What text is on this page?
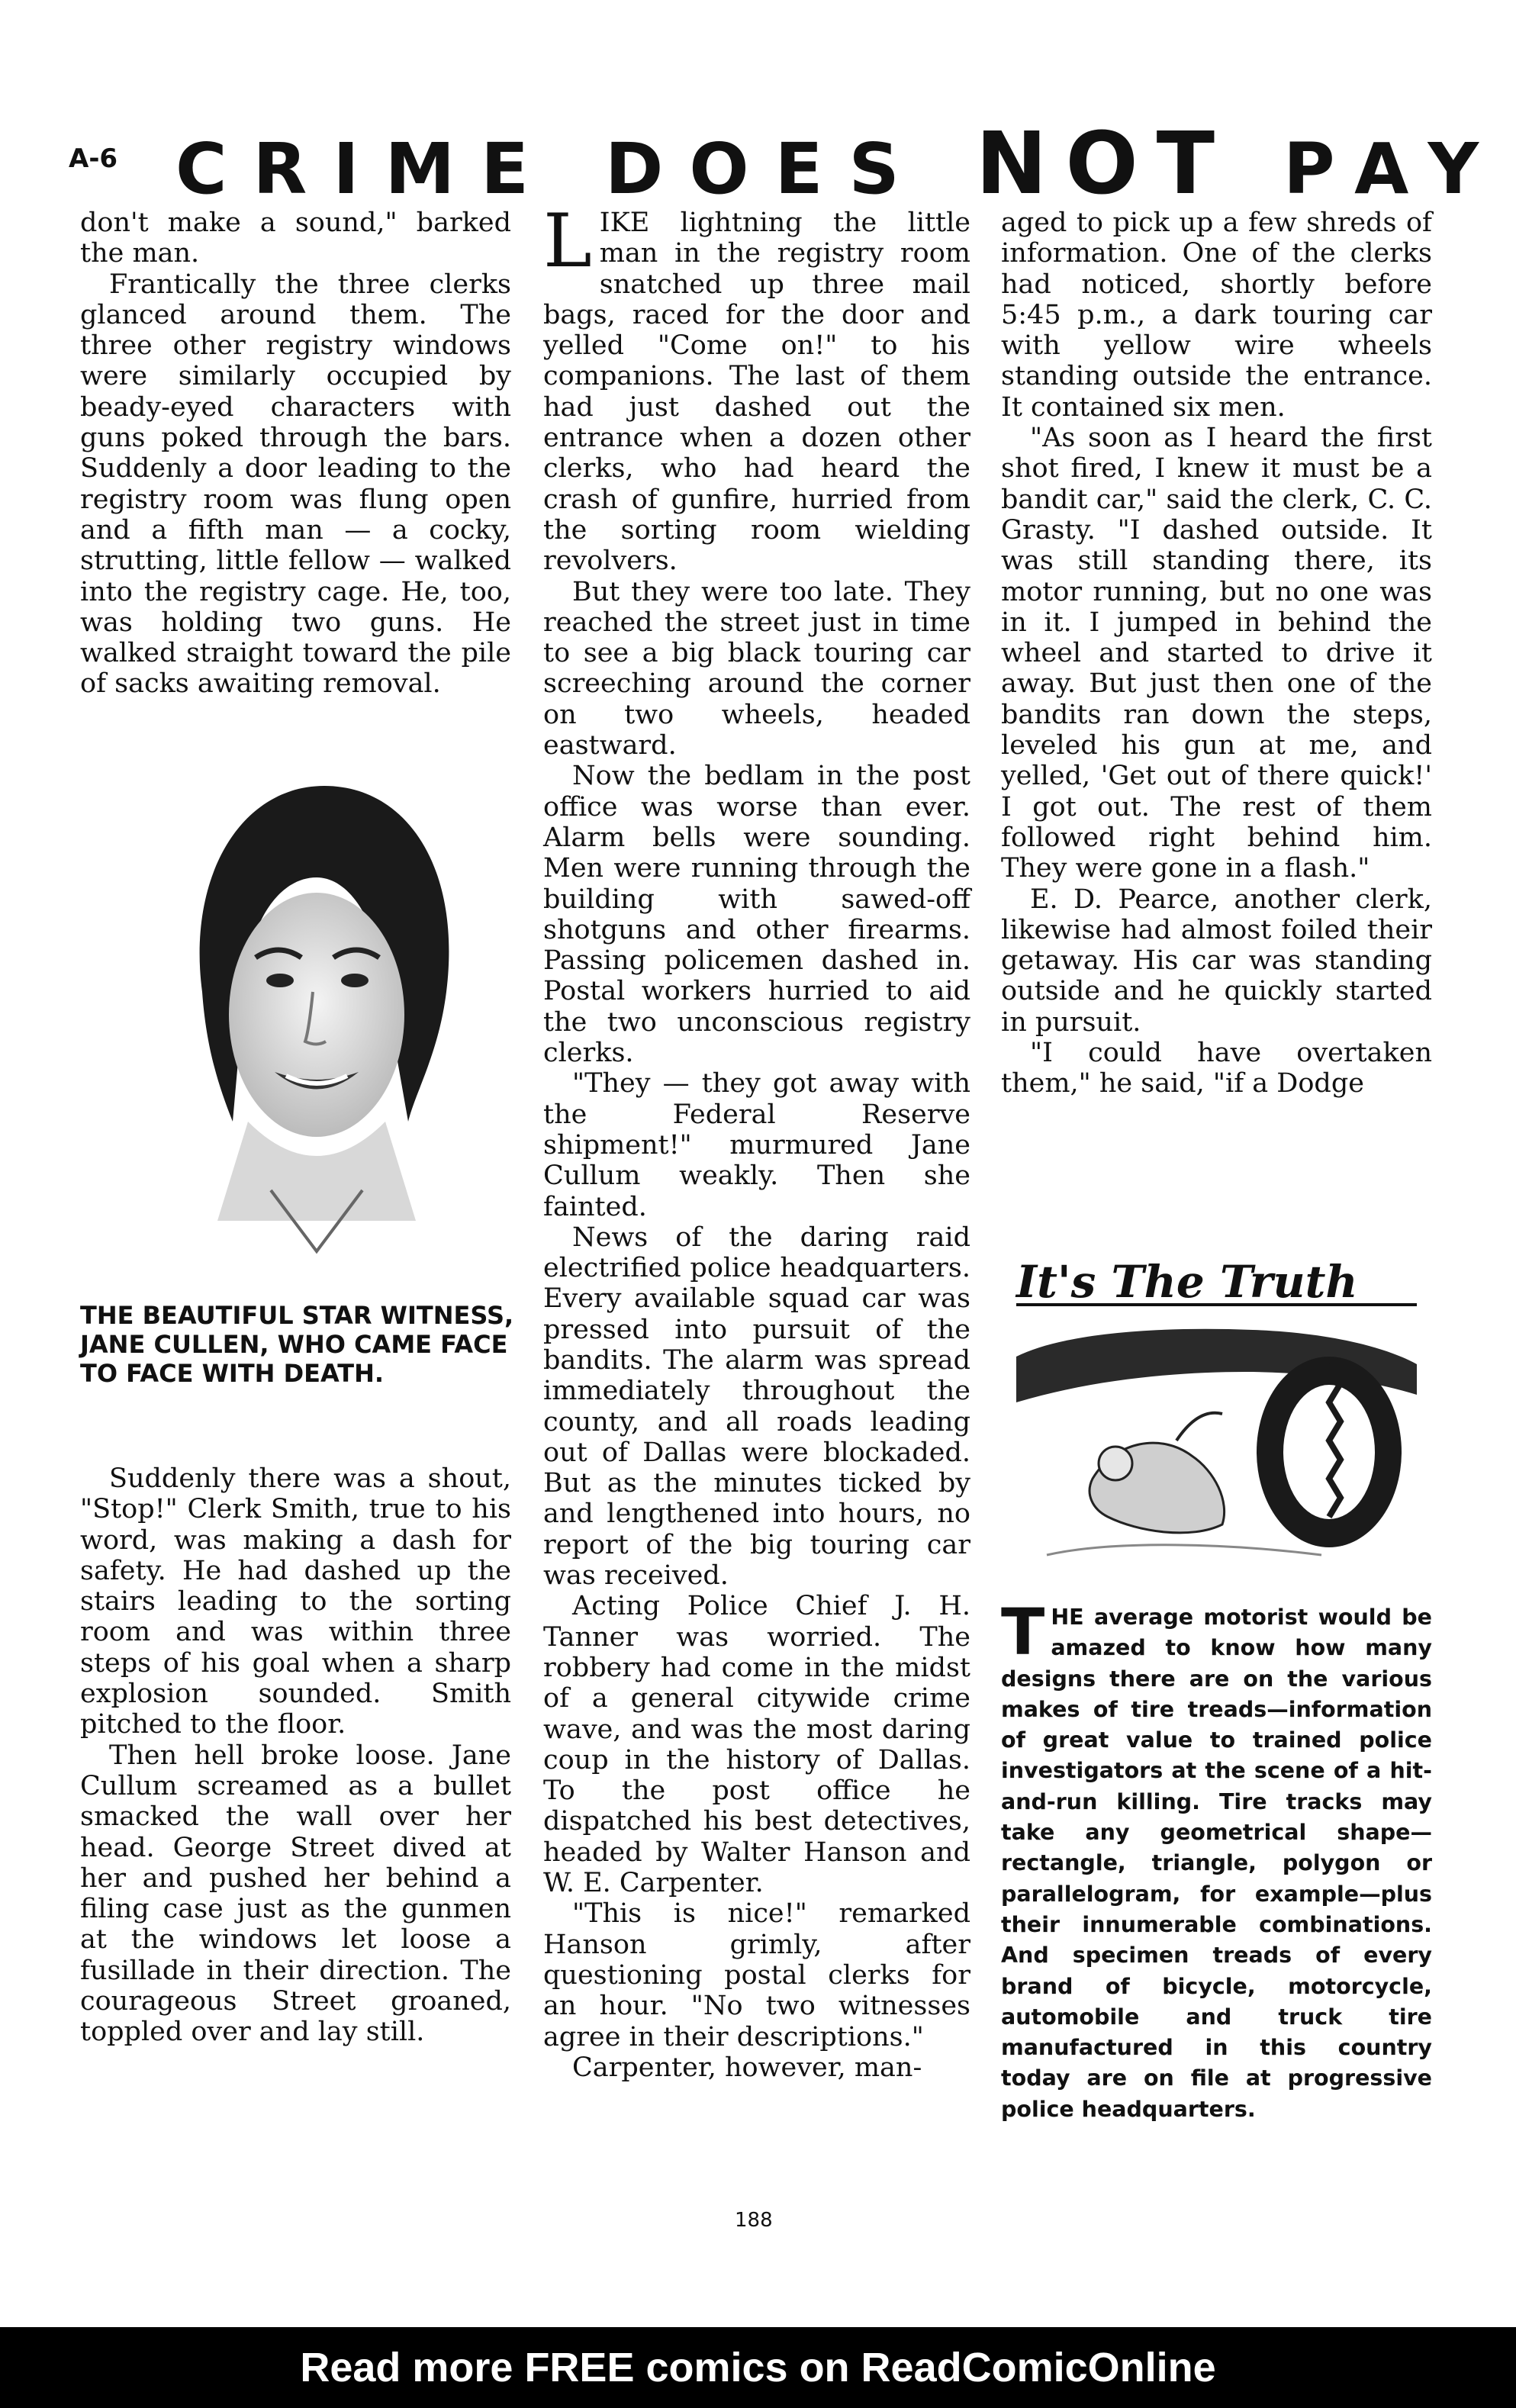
A-6 CRIME DOES NOT PAY

don't make a sound," barked the man.

Frantically the three clerks glanced around them. The three other registry windows were similarly occupied by beady-eyed characters with guns poked through the bars. Suddenly a door leading to the registry room was flung open and a fifth man — a cocky, strutting, little fellow — walked into the registry cage. He, too, was holding two guns. He walked straight toward the pile of sacks awaiting removal.

THE BEAUTIFUL STAR WITNESS, JANE CULLEN, WHO CAME FACE TO FACE WITH DEATH.

Suddenly there was a shout, "Stop!" Clerk Smith, true to his word, was making a dash for safety. He had dashed up the stairs leading to the sorting room and was within three steps of his goal when a sharp explosion sounded. Smith pitched to the floor.

Then hell broke loose. Jane Cullum screamed as a bullet smacked the wall over her head. George Street dived at her and pushed her behind a filing case just as the gunmen at the windows let loose a fusillade in their direction. The courageous Street groaned, toppled over and lay still.

LIKE lightning the little man in the registry room snatched up three mail bags, raced for the door and yelled "Come on!" to his companions. The last of them had just dashed out the entrance when a dozen other clerks, who had heard the crash of gunfire, hurried from the sorting room wielding revolvers.

But they were too late. They reached the street just in time to see a big black touring car screeching around the corner on two wheels, headed eastward.

Now the bedlam in the post office was worse than ever. Alarm bells were sounding. Men were running through the building with sawed-off shotguns and other firearms. Passing policemen dashed in. Postal workers hurried to aid the two unconscious registry clerks.

"They — they got away with the Federal Reserve shipment!" murmured Jane Cullum weakly. Then she fainted.

News of the daring raid electrified police headquarters. Every available squad car was pressed into pursuit of the bandits. The alarm was spread immediately throughout the county, and all roads leading out of Dallas were blockaded. But as the minutes ticked by and lengthened into hours, no report of the big touring car was received.

Acting Police Chief J. H. Tanner was worried. The robbery had come in the midst of a general citywide crime wave, and was the most daring coup in the history of Dallas. To the post office he dispatched his best detectives, headed by Walter Hanson and W. E. Carpenter.

"This is nice!" remarked Hanson grimly, after questioning postal clerks for an hour. "No two witnesses agree in their descriptions."

Carpenter, however, man-

aged to pick up a few shreds of information. One of the clerks had noticed, shortly before 5:45 p.m., a dark touring car with yellow wire wheels standing outside the entrance. It contained six men.

"As soon as I heard the first shot fired, I knew it must be a bandit car," said the clerk, C. C. Grasty. "I dashed outside. It was still standing there, its motor running, but no one was in it. I jumped in behind the wheel and started to drive it away. But just then one of the bandits ran down the steps, leveled his gun at me, and yelled, 'Get out of there quick!' I got out. The rest of them followed right behind him. They were gone in a flash."

E. D. Pearce, another clerk, likewise had almost foiled their getaway. His car was standing outside and he quickly started in pursuit.

"I could have overtaken them," he said, "if a Dodge

It's The Truth

THE average motorist would be amazed to know how many designs there are on the various makes of tire treads—information of great value to trained police investigators at the scene of a hit-and-run killing. Tire tracks may take any geometrical shape—rectangle, triangle, polygon or parallelogram, for example—plus their innumerable combinations. And specimen treads of every brand of bicycle, motorcycle, automobile and truck tire manufactured in this country today are on file at progressive police headquarters.

188
Read more FREE comics on ReadComicOnline
